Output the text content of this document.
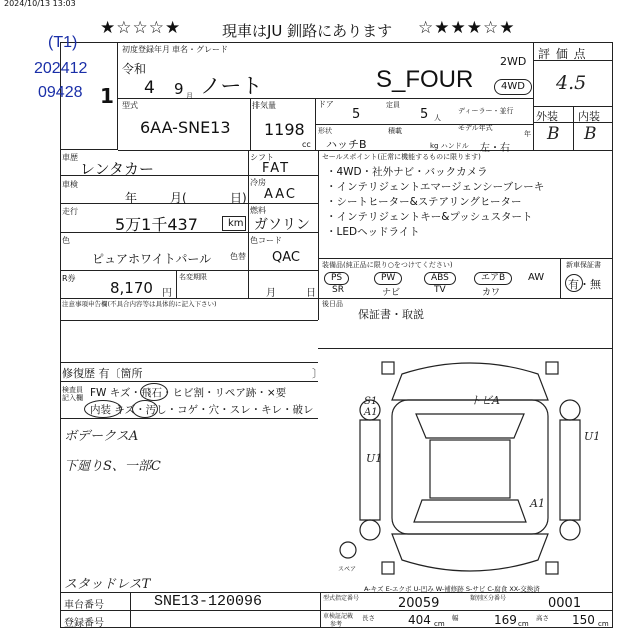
2024/10/13 13:03
★☆☆☆★	現車はJU 釧路にあります ☆★★★☆★
(T1)
202412
09428 1
初度登録年月 車名・グレード
令和
4 9 月 ノート	S_FOUR
2WD
4WD
型式
6AA-SNE13
排気量
1198
cc
ドア
5
定員
5 人
ディーラー・並行
形状
ハッチB
積載	モデル年式
年
kg ハンドル 左・右
評 価 点
4.5
外装 内装
B B
車歴
レンタカー
シフト
FAT
車検
年	月(	日)
冷房
AAC
走行
5万1千437	km
燃料
ガソリン
色
ピュアホワイトパール 色替
色コード
QAC
R券
8,170 円
名変期限
月	日
注意事項申告欄(不具合内容等は具体的に記入下さい)
セールスポイント(正常に機能するものに限ります)
・4WD・社外ナビ・バックカメラ
・インテリジェントエマージェンシーブレーキ
・シートヒーター&ステアリングヒーター
・インテリジェントキー&プッシュスタート
・LEDヘッドライト
装備品(純正品に限り○をつけてください)
PS	PW	ABS	エアB
SR	ナビ	TV	カワ
AW
新車保証書
有・無
後日品
保証書・取説
修復歴 有〔箇所	〕
検査員記入欄 FW キズ・飛石・ヒビ割・リペア跡・×要
内装 キズ・汚し・コゲ・穴・スレ・キレ・破レ
ボデークスA
下廻りS、一部C
スタッドレスT
S1
A1
トビA
U1
U1
A1
スペア
A-キズ E-エクボ U-凹み W-補修跡 S-サビ C-腐食 XX-交換済
車台番号	SNE13-120096
登録番号
型式指定番号	20059	類別区分番号	0001
車検証記載
参考
長さ	404 cm
幅	169 cm
高さ 150 cm
